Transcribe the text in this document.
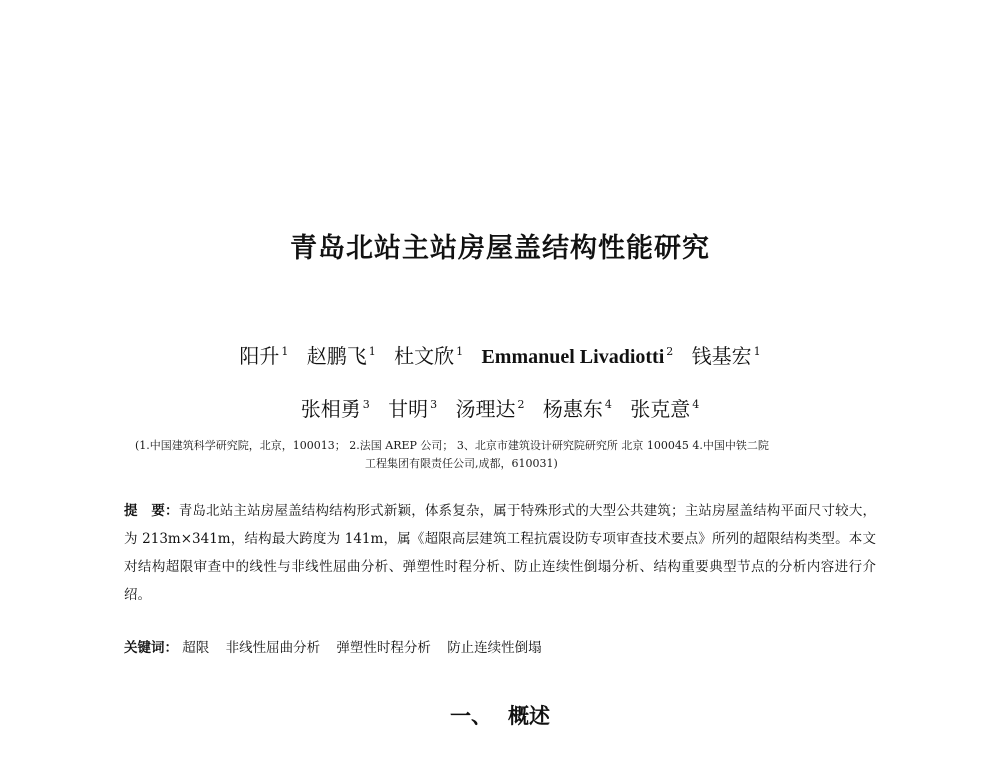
青岛北站主站房屋盖结构性能研究
阳升 $^1$ 赵鹏飞 $^1$ 杜文欣 $^1$ Emmanuel Livadiotti $^2$ 钱基宏 $^1$
张相勇 $^3$ 甘明 $^3$ 汤理达 $^2$ 杨惠东 $^4$ 张克意 $^4$
(1.中国建筑科学研究院，北京，100013； 2.法国 AREP 公司； 3、北京市建筑设计研究院研究所 北京 100045 4.中国中铁二院
工程集团有限责任公司,成都，610031)
提　要：青岛北站主站房屋盖结构结构形式新颖，体系复杂，属于特殊形式的大型公共建筑；主站房屋盖结构平面尺寸较大，为 213m×341m，结构最大跨度为 141m，属《超限高层建筑工程抗震设防专项审查技术要点》所列的超限结构类型。本文对结构超限审查中的线性与非线性屈曲分析、弹塑性时程分析、防止连续性倒塌分析、结构重要典型节点的分析内容进行介绍。
关键词： 超限 非线性屈曲分析 弹塑性时程分析 防止连续性倒塌
一、 概述
